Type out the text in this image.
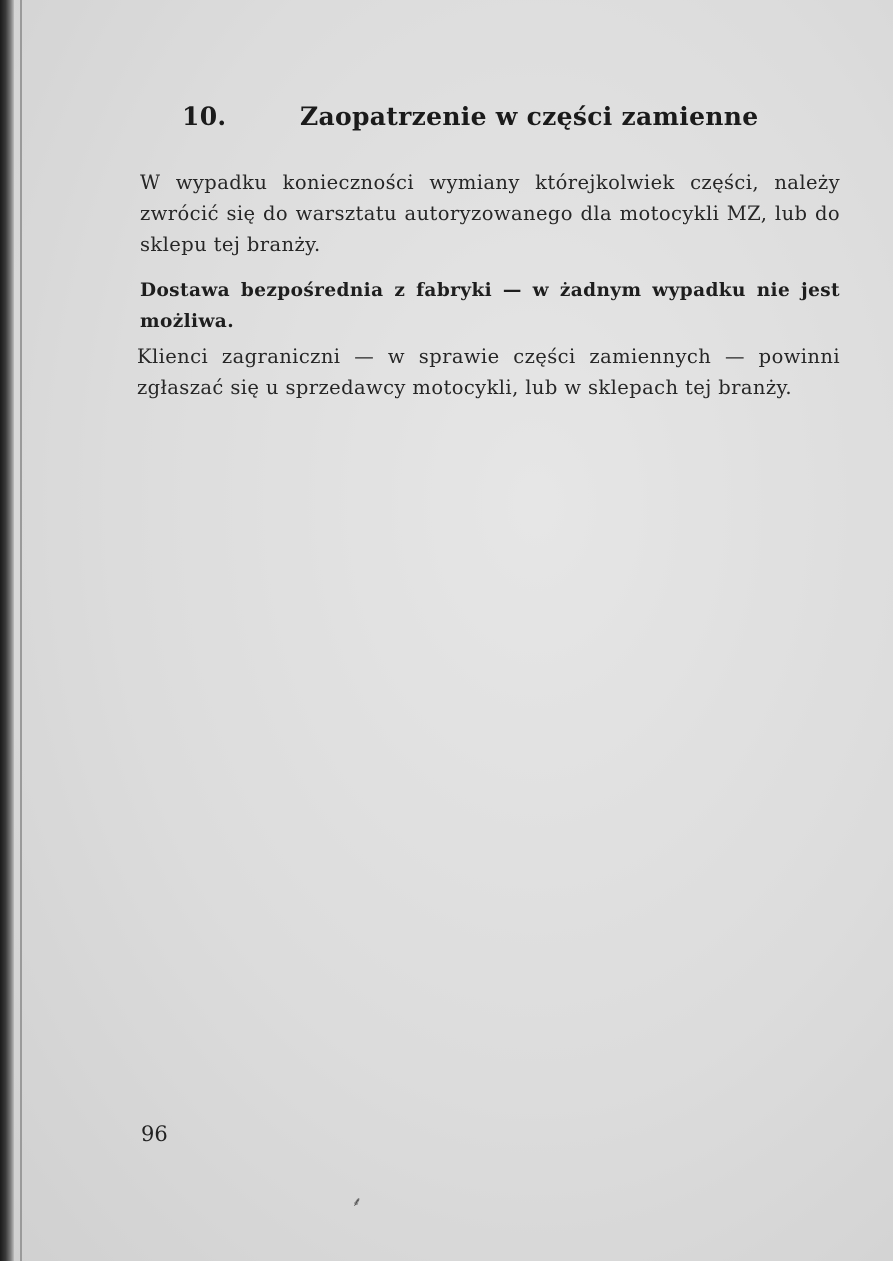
10.	Zaopatrzenie w części zamienne
W wypadku konieczności wymiany którejkolwiek części, należy zwrócić się do warsztatu autoryzowanego dla motocykli MZ, lub do sklepu tej branży.
Dostawa bezpośrednia z fabryki — w żadnym wypadku nie jest możliwa.
Klienci zagraniczni — w sprawie części zamiennych — powinni zgłaszać się u sprzedawcy motocykli, lub w sklepach tej branży.
96
⸙
